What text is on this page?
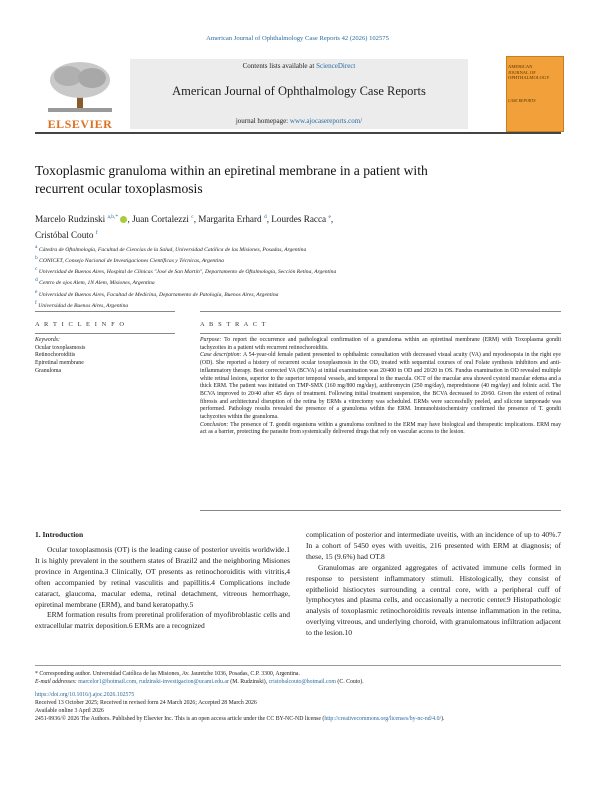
American Journal of Ophthalmology Case Reports 42 (2026) 102575
ELSEVIER
Contents lists available at ScienceDirect
American Journal of Ophthalmology Case Reports
journal homepage: www.ajocasereports.com/
AMERICAN
JOURNAL OF
OPHTHALMOLOGY
CASE REPORTS
Toxoplasmic granuloma within an epiretinal membrane in a patient with
recurrent ocular toxoplasmosis
Marcelo Rudzinski $^{a,b,*}$ , Juan Cortalezzi $^c$, Margarita Erhard $^d$, Lourdes Racca $^e$,
Cristóbal Couto $^f$
a Cátedra de Oftalmología, Facultad de Ciencias de la Salud, Universidad Católica de las Misiones, Posadas, Argentina
b CONICET, Consejo Nacional de Investigaciones Científicas y Técnicas, Argentina
c Universidad de Buenos Aires, Hospital de Clínicas "José de San Martín", Departamento de Oftalmología, Sección Retina, Argentina
d Centro de ojos Alem, 1N Alem, Misiones, Argentina
e Universidad de Buenos Aires, Facultad de Medicina, Departamento de Patología, Buenos Aires, Argentina
f Universidad de Buenos Aires, Argentina
A R T I C L E I N F O	A B S T R A C T
Keywords:
Ocular toxoplasmosis
Retinochoroiditis
Epiretinal membrane
Granuloma

Purpose: To report the occurrence and pathological confirmation of a granuloma within an epiretinal membrane (ERM) with Toxoplasma gondii tachyzoites in a patient with recurrent retinochoroiditis.

Case description: A 54-year-old female patient presented to ophthalmic consultation with decreased visual acuity (VA) and myodesopsia in the right eye (OD). She reported a history of recurrent ocular toxoplasmosis in the OD, treated with sequential courses of oral Folate synthesis inhibitors and anti-inflammatory therapy. Best corrected VA (BCVA) at initial examination was 20/400 in OD and 20/20 in OS. Fundus examination in OD revealed multiple white retinal lesions, superior to the superior temporal vessels, and temporal to the macula. OCT of the macular area showed cystoid macular edema and a thick ERM. The patient was initiated on TMP-SMX (160 mg/800 mg/day), azithromycin (250 mg/day), meprednisone (40 mg/day) and folinic acid. The BCVA improved to 20/40 after 45 days of treatment. Following initial treatment suspension, the BCVA decreased to 20/60. Given the extent of retinal fibrosis and architectural disruption of the retina by ERMs a vitrectomy was scheduled. ERMs were successfully peeled, and silicone tamponade was performed. Pathology results revealed the presence of a granuloma within the ERM. Immunohistochemistry confirmed the presence of T. gondii tachyzoites within the granuloma.

Conclusion: The presence of T. gondii organisms within a granuloma confined to the ERM may have biological and therapeutic implications. ERM may act as a barrier, protecting the parasite from systemically delivered drugs that rely on vascular access to the lesion.

1. Introduction

Ocular toxoplasmosis (OT) is the leading cause of posterior uveitis worldwide.1 It is highly prevalent in the southern states of Brazil2 and the neighboring Misiones province in Argentina.3 Clinically, OT presents as retinochoroiditis with vitritis,4 often accompanied by retinal vasculitis and papillitis.4 Complications include cataract, glaucoma, macular edema, retinal detachment, vitreous hemorrhage, epiretinal membrane (ERM), and band keratopathy.5

ERM formation results from preretinal proliferation of myofibroblastic cells and extracellular matrix deposition.6 ERMs are a recognized

complication of posterior and intermediate uveitis, with an incidence of up to 40%.7 In a cohort of 5450 eyes with uveitis, 216 presented with ERM at diagnosis; of these, 15 (9.6%) had OT.8

Granulomas are organized aggregates of activated immune cells formed in response to persistent inflammatory stimuli. Histologically, they consist of epithelioid histiocytes surrounding a central core, with a peripheral cuff of lymphocytes and plasma cells, and occasionally a necrotic center.9 Histopathologic analysis of toxoplasmic retinochoroiditis reveals intense inflammation in the retina, overlying vitreous, and underlying choroid, with granulomatous infiltration adjacent to the lesion.10

* Corresponding author. Universidad Católica de las Misiones, Av. Jauretche 1036, Posadas, C.P. 3300, Argentina.
E-mail addresses: marcelor1@hotmail.com, rudzinski-investigacion@ucami.edu.ar (M. Rudzinski), cristobalcouto@hotmail.com (C. Couto).
https://doi.org/10.1016/j.ajoc.2026.102575
Received 13 October 2025; Received in revised form 24 March 2026; Accepted 28 March 2026
Available online 3 April 2026
2451-9936/© 2026 The Authors. Published by Elsevier Inc. This is an open access article under the CC BY-NC-ND license (http://creativecommons.org/licenses/by-nc-nd/4.0/).
